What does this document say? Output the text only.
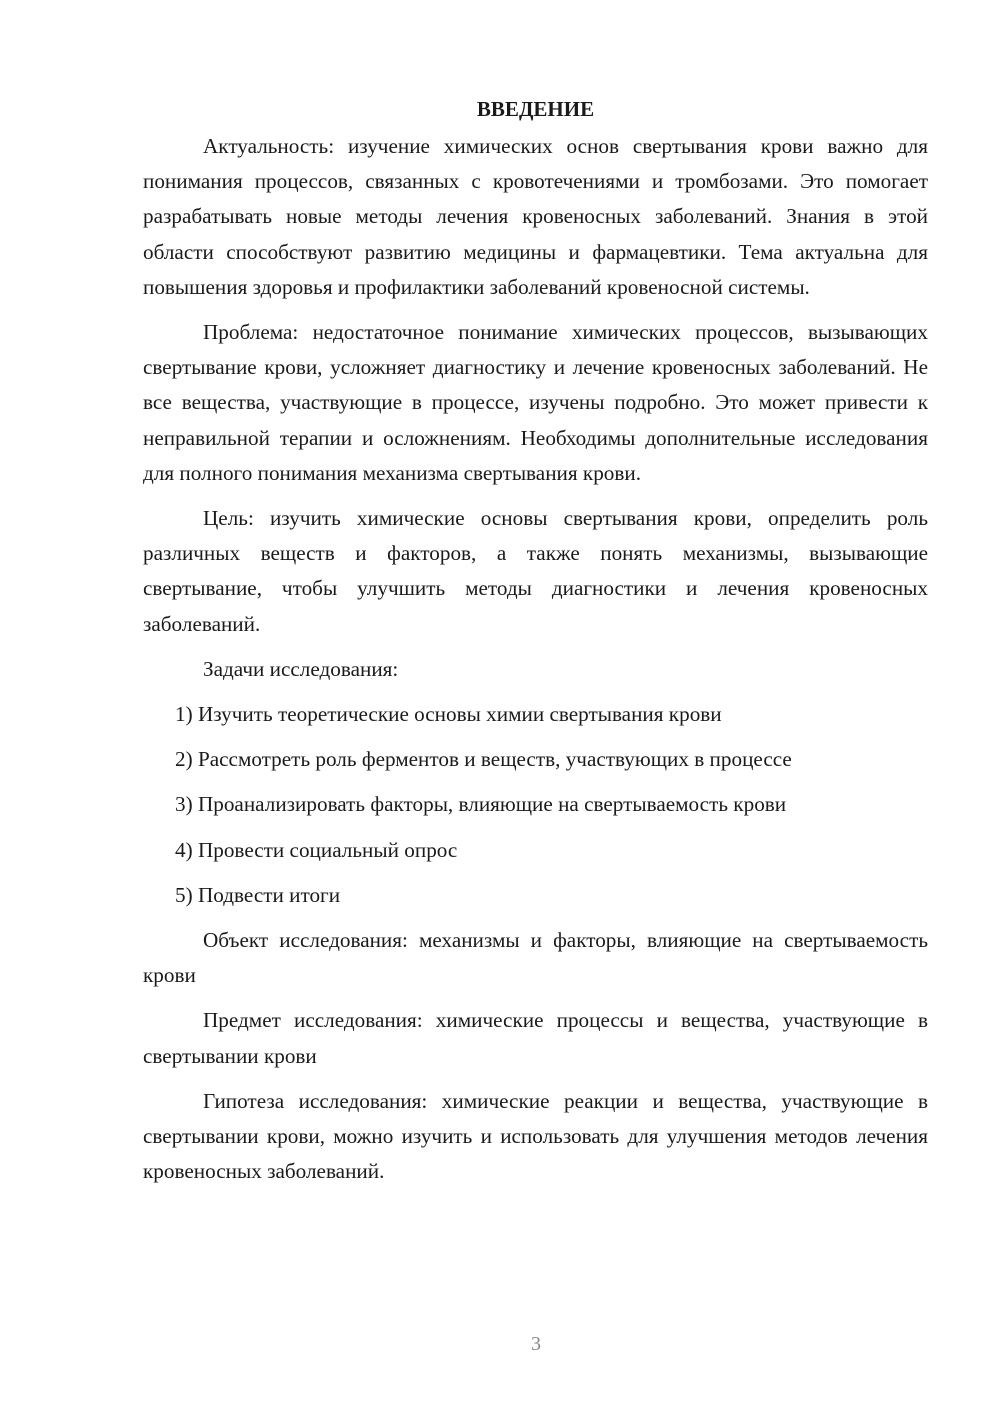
ВВЕДЕНИЕ

Актуальность: изучение химических основ свертывания крови важно для понимания процессов, связанных с кровотечениями и тромбозами. Это помогает разрабатывать новые методы лечения кровеносных заболеваний. Знания в этой области способствуют развитию медицины и фармацевтики. Тема актуальна для повышения здоровья и профилактики заболеваний кровеносной системы.

Проблема: недостаточное понимание химических процессов, вызывающих свертывание крови, усложняет диагностику и лечение кровеносных заболеваний. Не все вещества, участвующие в процессе, изучены подробно. Это может привести к неправильной терапии и осложнениям. Необходимы дополнительные исследования для полного понимания механизма свертывания крови.

Цель: изучить химические основы свертывания крови, определить роль различных веществ и факторов, а также понять механизмы, вызывающие свертывание, чтобы улучшить методы диагностики и лечения кровеносных заболеваний.

Задачи исследования:

1) Изучить теоретические основы химии свертывания крови
2) Рассмотреть роль ферментов и веществ, участвующих в процессе
3) Проанализировать факторы, влияющие на свертываемость крови
4) Провести социальный опрос
5) Подвести итоги

Объект исследования: механизмы и факторы, влияющие на свертываемость крови

Предмет исследования: химические процессы и вещества, участвующие в свертывании крови

Гипотеза исследования: химические реакции и вещества, участвующие в свертывании крови, можно изучить и использовать для улучшения методов лечения кровеносных заболеваний.

3
